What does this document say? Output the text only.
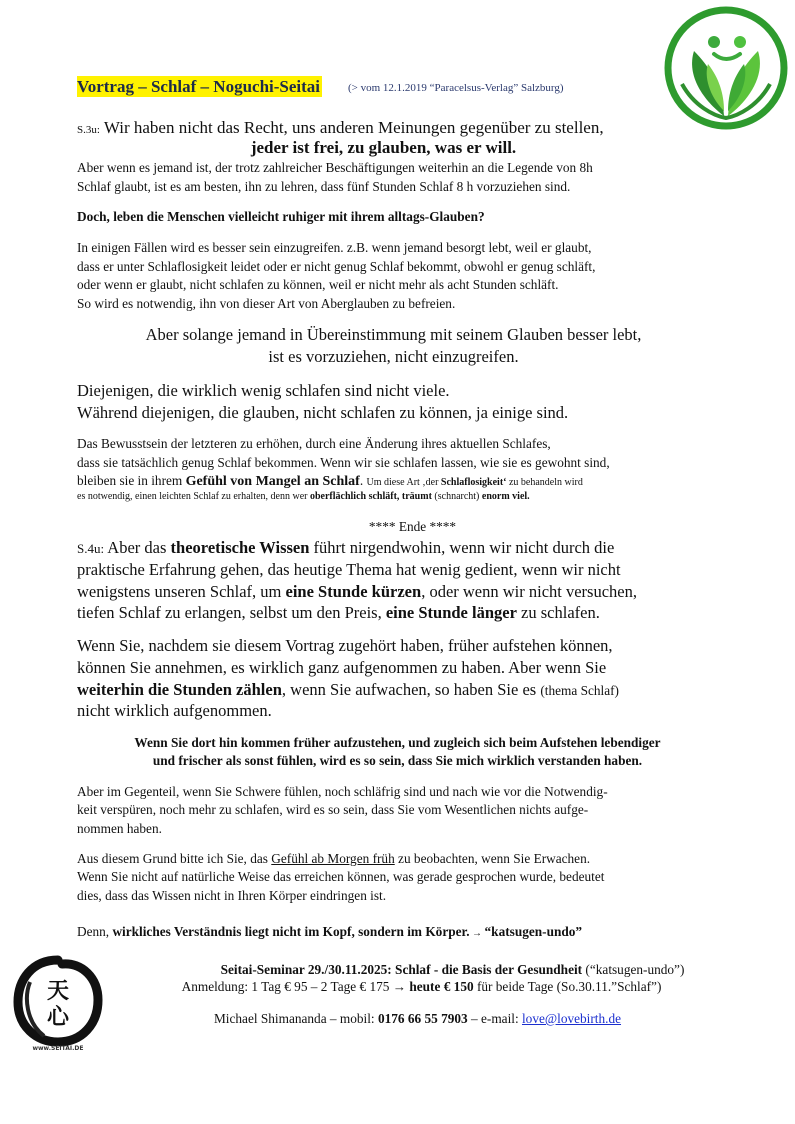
Vortrag – Schlaf – Noguchi-Seitai	(> vom 12.1.2019 “Paracelsus-Verlag” Salzburg)
S.3u: Wir haben nicht das Recht, uns anderen Meinungen gegenüber zu stellen,
jeder ist frei, zu glauben, was er will.
Aber wenn es jemand ist, der trotz zahlreicher Beschäftigungen weiterhin an die Legende von 8h
Schlaf glaubt, ist es am besten, ihn zu lehren, dass fünf Stunden Schlaf 8 h vorzuziehen sind.
Doch, leben die Menschen vielleicht ruhiger mit ihrem alltags-Glauben?
In einigen Fällen wird es besser sein einzugreifen. z.B. wenn jemand besorgt lebt, weil er glaubt,
dass er unter Schlaflosigkeit leidet oder er nicht genug Schlaf bekommt, obwohl er genug schläft,
oder wenn er glaubt, nicht schlafen zu können, weil er nicht mehr als acht Stunden schläft.
So wird es notwendig, ihn von dieser Art von Aberglauben zu befreien.
Aber solange jemand in Übereinstimmung mit seinem Glauben besser lebt,
ist es vorzuziehen, nicht einzugreifen.
Diejenigen, die wirklich wenig schlafen sind nicht viele.
Während diejenigen, die glauben, nicht schlafen zu können, ja einige sind.
Das Bewusstsein der letzteren zu erhöhen, durch eine Änderung ihres aktuellen Schlafes,
dass sie tatsächlich genug Schlaf bekommen. Wenn wir sie schlafen lassen, wie sie es gewohnt sind,
bleiben sie in ihrem Gefühl von Mangel an Schlaf. Um diese Art ‚der Schlaflosigkeit‘ zu behandeln wird
es notwendig, einen leichten Schlaf zu erhalten, denn wer oberflächlich schläft, träumt (schnarcht) enorm viel.
**** Ende ****
S.4u: Aber das theoretische Wissen führt nirgendwohin, wenn wir nicht durch die
praktische Erfahrung gehen, das heutige Thema hat wenig gedient, wenn wir nicht
wenigstens unseren Schlaf, um eine Stunde kürzen, oder wenn wir nicht versuchen,
tiefen Schlaf zu erlangen, selbst um den Preis, eine Stunde länger zu schlafen.
Wenn Sie, nachdem sie diesem Vortrag zugehört haben, früher aufstehen können,
können Sie annehmen, es wirklich ganz aufgenommen zu haben. Aber wenn Sie
weiterhin die Stunden zählen, wenn Sie aufwachen, so haben Sie es (thema Schlaf)
nicht wirklich aufgenommen.
Wenn Sie dort hin kommen früher aufzustehen, und zugleich sich beim Aufstehen lebendiger
und frischer als sonst fühlen, wird es so sein, dass Sie mich wirklich verstanden haben.
Aber im Gegenteil, wenn Sie Schwere fühlen, noch schläfrig sind und nach wie vor die Notwendig-
keit verspüren, noch mehr zu schlafen, wird es so sein, dass Sie vom Wesentlichen nichts aufge-
nommen haben.
Aus diesem Grund bitte ich Sie, das Gefühl ab Morgen früh zu beobachten, wenn Sie Erwachen.
Wenn Sie nicht auf natürliche Weise das erreichen können, was gerade gesprochen wurde, bedeutet
dies, dass das Wissen nicht in Ihren Körper eindringen ist.
Denn, wirkliches Verständnis liegt nicht im Kopf, sondern im Körper. → “katsugen-undo”
天
心
www.SEITAI.DE
Seitai-Seminar 29./30.11.2025: Schlaf - die Basis der Gesundheit (“katsugen-undo”)
Anmeldung: 1 Tag € 95 – 2 Tage € 175 → heute € 150 für beide Tage (So.30.11.”Schlaf”)
Michael Shimananda – mobil: 0176 66 55 7903 – e-mail: love@lovebirth.de
